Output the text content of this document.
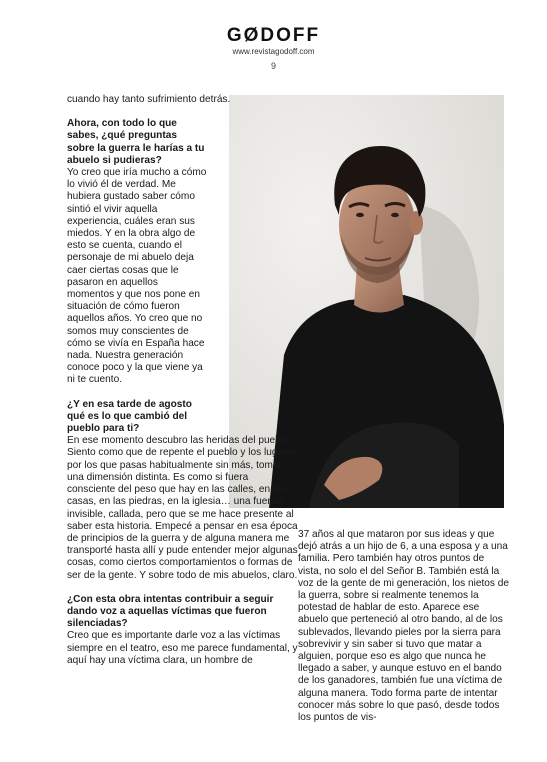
GØDOFF
www.revistagodoff.com
9

cuando hay tanto sufrimiento detrás.

Ahora, con todo lo que sabes, ¿qué preguntas sobre la guerra le harías a tu abuelo si pudieras?

Yo creo que iría mucho a cómo lo vivió él de verdad. Me hubiera gustado saber cómo sintió el vivir aquella experiencia, cuáles eran sus miedos. Y en la obra algo de esto se cuenta, cuando el personaje de mi abuelo deja caer ciertas cosas que le pasaron en aquellos momentos y que nos pone en situación de cómo fueron aquellos años. Yo creo que no somos muy conscientes de cómo se vivía en España hace nada. Nuestra generación conoce poco y la que viene ya ni te cuento.

¿Y en esa tarde de agosto qué es lo que cambió del pueblo para ti?

En ese momento descubro las heridas del pueblo. Siento como que de repente el pueblo y los lugares por los que pasas habitualmente sin más, toman una dimensión distinta. Es como si fuera consciente del peso que hay en las calles, en las casas, en las piedras, en la iglesia… una fuerza invisible, callada, pero que se me hace presente al saber esta historia. Empecé a pensar en esa época de principios de la guerra y de alguna manera me transporté hasta allí y pude entender mejor algunas cosas, como ciertos comportamientos o formas de ser de la gente. Y sobre todo de mis abuelos, claro.

¿Con esta obra intentas contribuir a seguir dando voz a aquellas víctimas que fueron silenciadas?

Creo que es importante darle voz a las víctimas siempre en el teatro, eso me parece fundamental, y aquí hay una víctima clara, un hombre de

37 años al que mataron por sus ideas y que dejó atrás a un hijo de 6, a una esposa y a una familia. Pero también hay otros puntos de vista, no solo el del Señor B. También está la voz de la gente de mi generación, los nietos de la guerra, sobre si realmente tenemos la potestad de hablar de esto. Aparece ese abuelo que perteneció al otro bando, al de los sublevados, llevando pieles por la sierra para sobrevivir y sin saber si tuvo que matar a alguien, porque eso es algo que nunca he llegado a saber, y aunque estuvo en el bando de los ganadores, también fue una víctima de alguna manera. Todo forma parte de intentar conocer más sobre lo que pasó, desde todos los puntos de vis-
